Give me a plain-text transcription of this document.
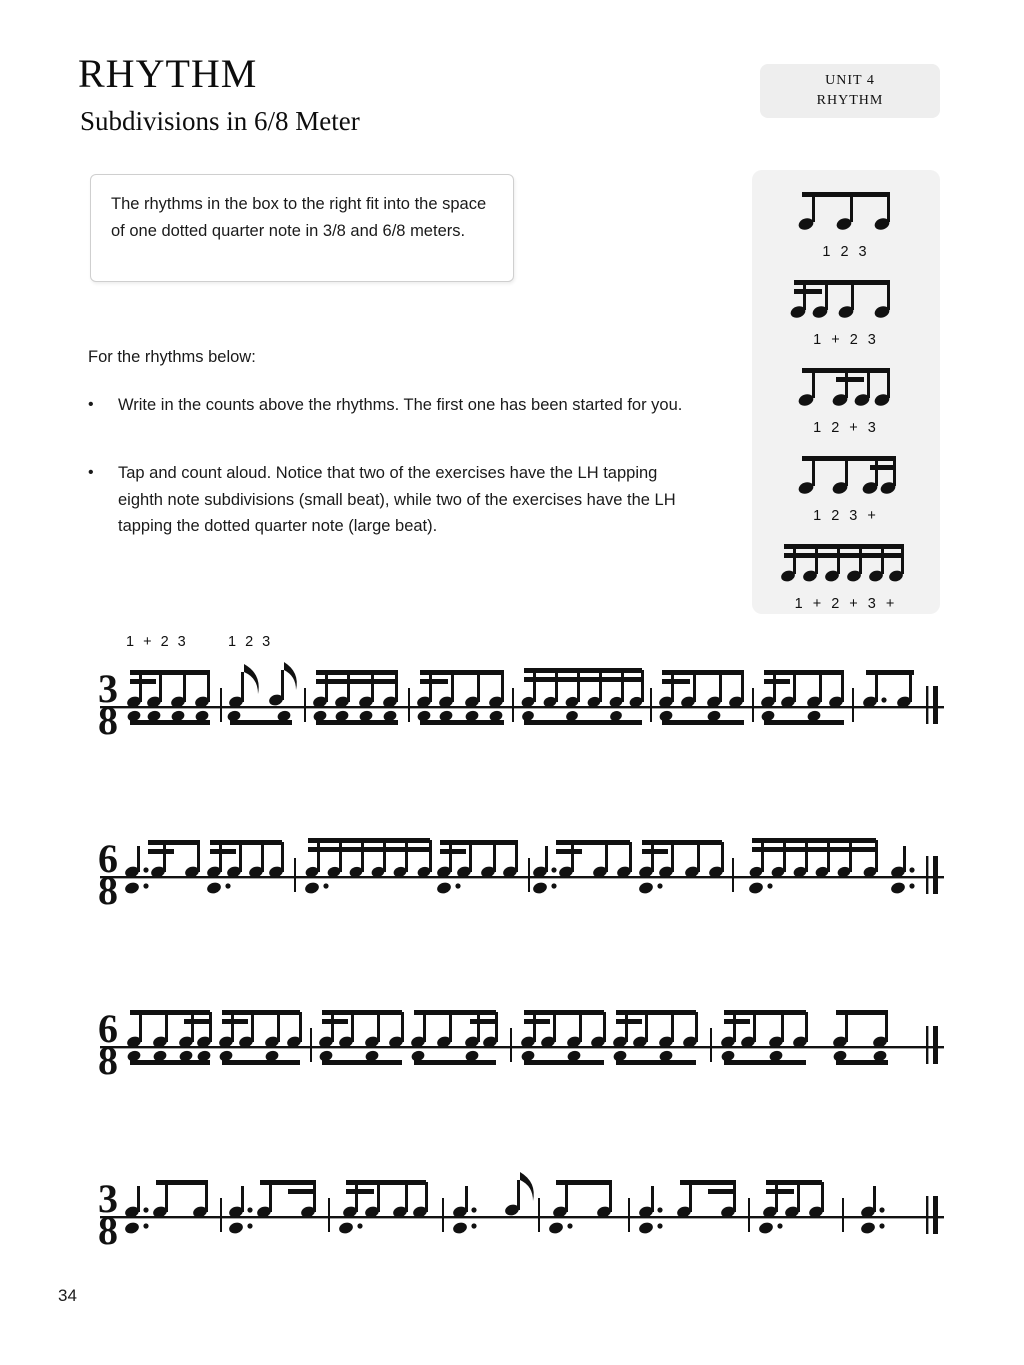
RHYTHM
Subdivisions in 6/8 Meter
UNIT 4
RHYTHM
The rhythms in the box to the right fit into the space of one dotted quarter note in 3/8 and 6/8 meters.
For the rhythms below:
•	Write in the counts above the rhythms. The first one has been started for you.
•	Tap and count aloud. Notice that two of the exercises have the LH tapping eighth note subdivisions (small beat), while two of the exercises have the LH tapping the dotted quarter note (large beat).
1 2 3
1 + 2 3
1 2 + 3
1 2 3 +
1 + 2 + 3 +
1 + 2 3	1 2 3
3
8
6
8
6
8
3
8
34
